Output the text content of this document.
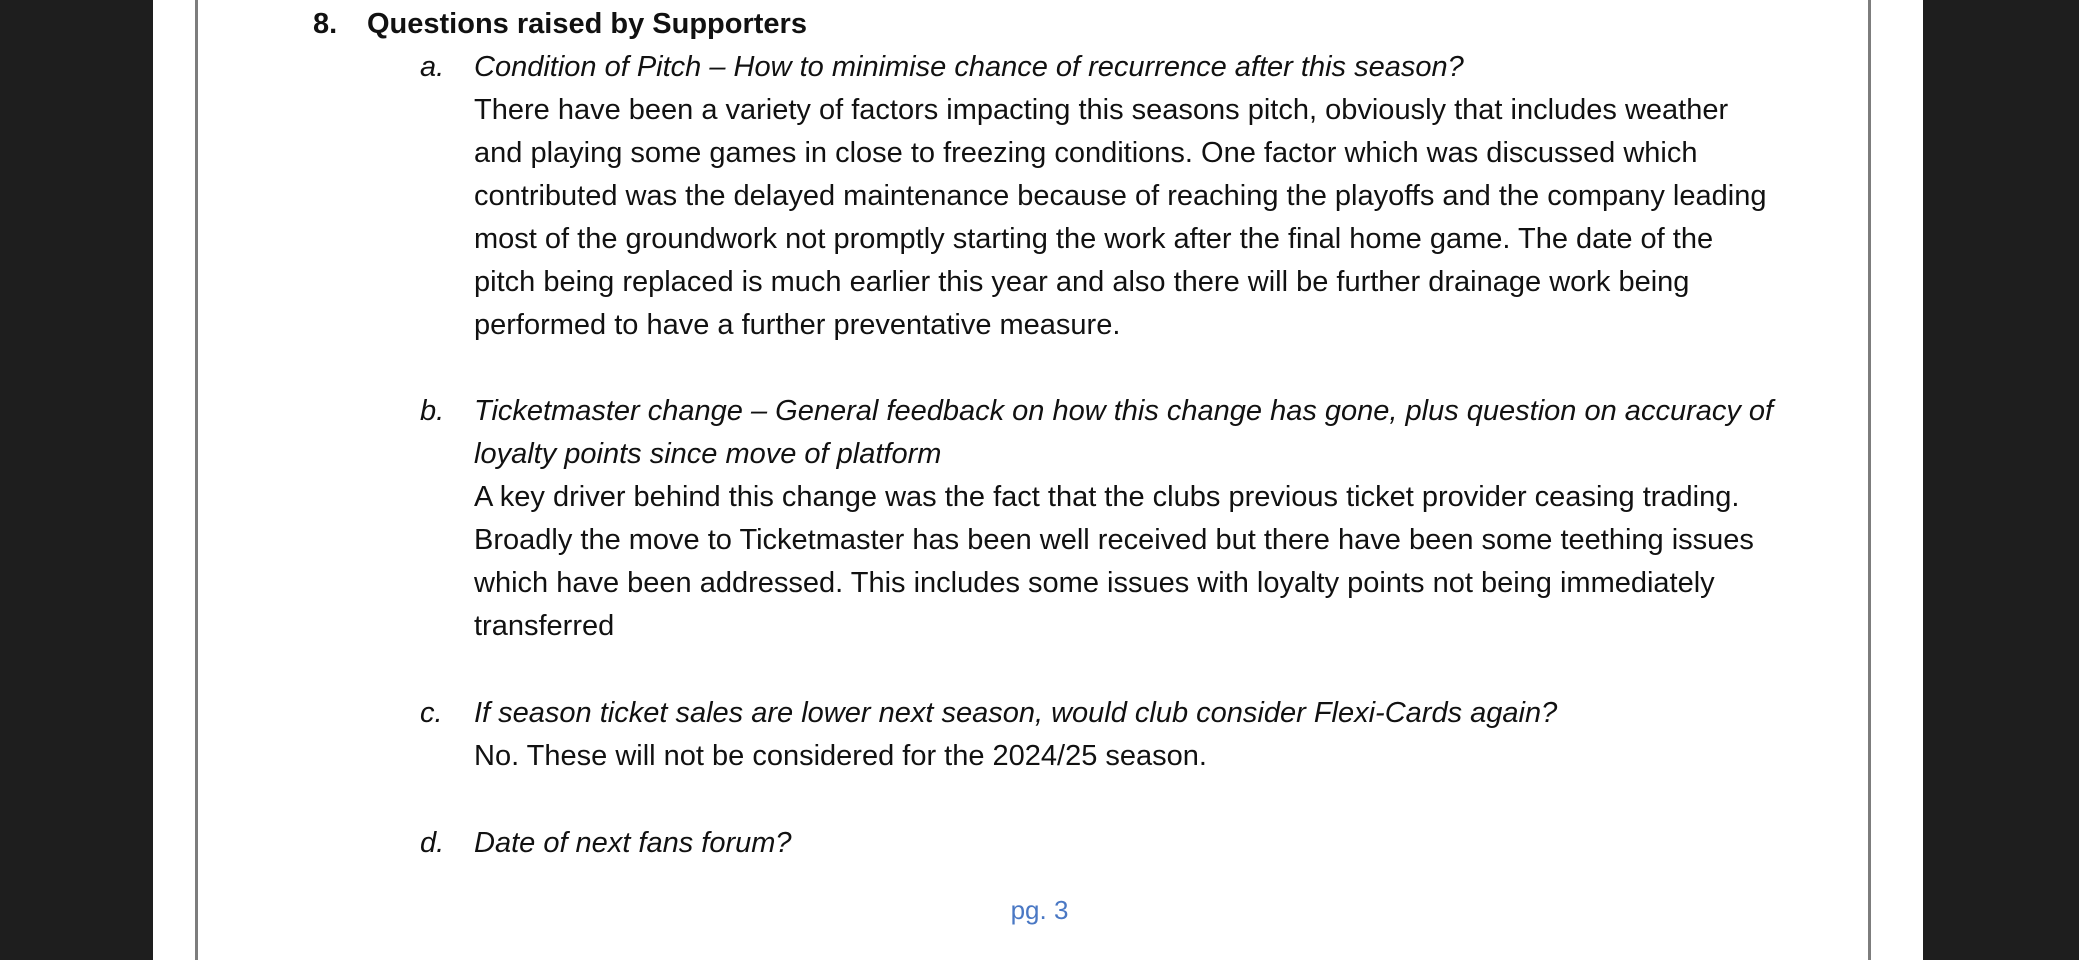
8. Questions raised by Supporters
a. Condition of Pitch – How to minimise chance of recurrence after this season?
There have been a variety of factors impacting this seasons pitch, obviously that includes weather
and playing some games in close to freezing conditions. One factor which was discussed which
contributed was the delayed maintenance because of reaching the playoffs and the company leading
most of the groundwork not promptly starting the work after the final home game. The date of the
pitch being replaced is much earlier this year and also there will be further drainage work being
performed to have a further preventative measure.
b. Ticketmaster change – General feedback on how this change has gone, plus question on accuracy of
loyalty points since move of platform
A key driver behind this change was the fact that the clubs previous ticket provider ceasing trading.
Broadly the move to Ticketmaster has been well received but there have been some teething issues
which have been addressed. This includes some issues with loyalty points not being immediately
transferred
c. If season ticket sales are lower next season, would club consider Flexi-Cards again?
No. These will not be considered for the 2024/25 season.
d. Date of next fans forum?
pg. 3
